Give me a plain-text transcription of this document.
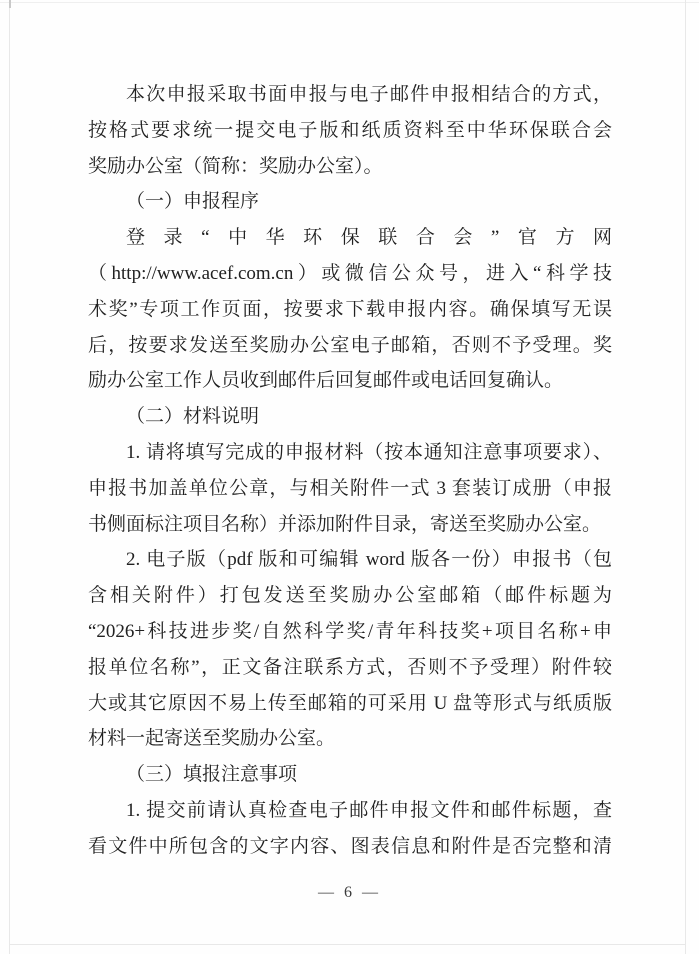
本次申报采取书面申报与电子邮件申报相结合的方式，
按格式要求统一提交电子版和纸质资料至中华环保联合会
奖励办公室（简称：奖励办公室）。
（一）申报程序
登录“中华环保联合会”官方网
（http://www.acef.com.cn）或微信公众号，进入“科学技
术奖”专项工作页面，按要求下载申报内容。确保填写无误
后，按要求发送至奖励办公室电子邮箱，否则不予受理。奖
励办公室工作人员收到邮件后回复邮件或电话回复确认。
（二）材料说明
1. 请将填写完成的申报材料（按本通知注意事项要求）、
申报书加盖单位公章，与相关附件一式 3 套装订成册（申报
书侧面标注项目名称）并添加附件目录，寄送至奖励办公室。
2. 电子版（pdf 版和可编辑 word 版各一份）申报书（包
含相关附件）打包发送至奖励办公室邮箱（邮件标题为
“2026+科技进步奖/自然科学奖/青年科技奖+项目名称+申
报单位名称”，正文备注联系方式，否则不予受理）附件较
大或其它原因不易上传至邮箱的可采用 U 盘等形式与纸质版
材料一起寄送至奖励办公室。
（三）填报注意事项
1. 提交前请认真检查电子邮件申报文件和邮件标题，查
看文件中所包含的文字内容、图表信息和附件是否完整和清
— 6 —
